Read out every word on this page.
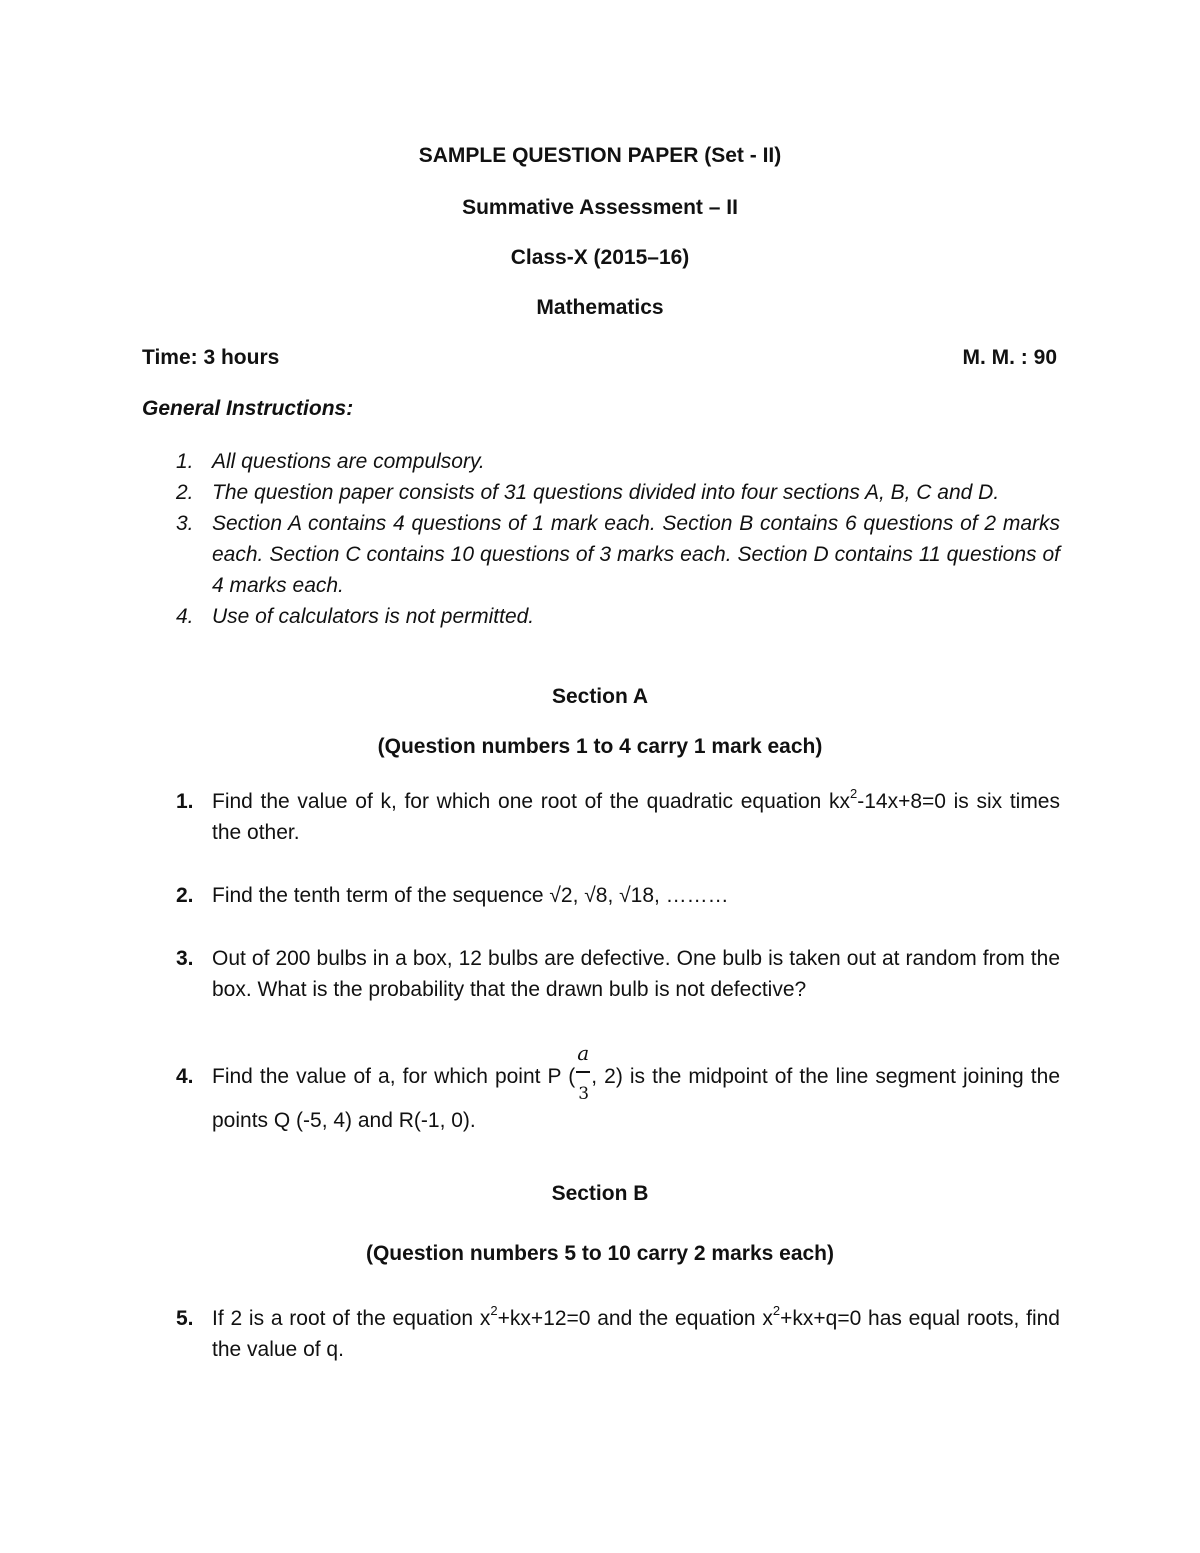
SAMPLE QUESTION PAPER (Set - II)
Summative Assessment – II
Class-X (2015–16)
Mathematics
Time: 3 hours	M. M. : 90
General Instructions:
1. All questions are compulsory.
2. The question paper consists of 31 questions divided into four sections A, B, C and D.
3. Section A contains 4 questions of 1 mark each. Section B contains 6 questions of 2 marks each. Section C contains 10 questions of 3 marks each. Section D contains 11 questions of 4 marks each.
4. Use of calculators is not permitted.
Section A
(Question numbers 1 to 4 carry 1 mark each)
1. Find the value of k, for which one root of the quadratic equation $kx^2-14x+8=0$ is six times the other.
2. Find the tenth term of the sequence √2, √8, √18, ………
3. Out of 200 bulbs in a box, 12 bulbs are defective. One bulb is taken out at random from the box. What is the probability that the drawn bulb is not defective?
4. Find the value of a, for which point P ( $\frac{a}{3}$ , 2) is the midpoint of the line segment joining the points Q (-5, 4) and R(-1, 0).
Section B
(Question numbers 5 to 10 carry 2 marks each)
5. If 2 is a root of the equation $x^2+kx+12=0$ and the equation $x^2+kx+q=0$ has equal roots, find the value of q.
